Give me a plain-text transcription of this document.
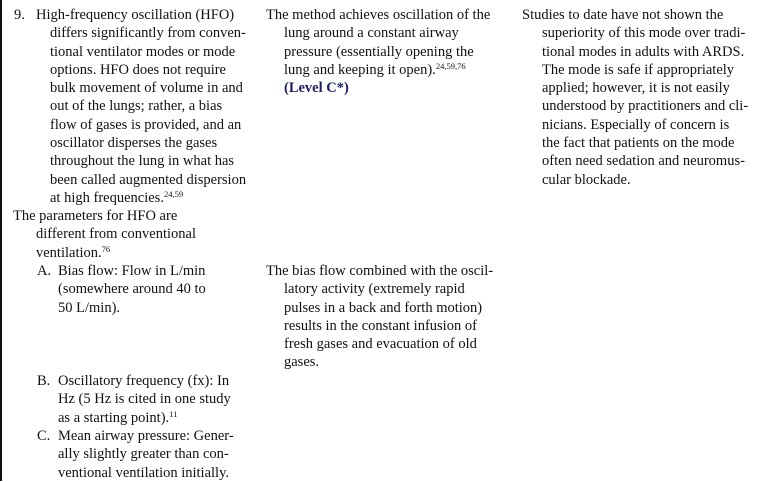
9. High-frequency oscillation (HFO)
differs significantly from conven-
tional ventilator modes or mode
options. HFO does not require
bulk movement of volume in and
out of the lungs; rather, a bias
flow of gases is provided, and an
oscillator disperses the gases
throughout the lung in what has
been called augmented dispersion
at high frequencies.$^{24,59}$
The parameters for HFO are
different from conventional
ventilation.$^{76}$
A. Bias flow: Flow in L/min
(somewhere around 40 to
50 L/min).
B. Oscillatory frequency (fx): In
Hz (5 Hz is cited in one study
as a starting point).$^{11}$
C. Mean airway pressure: Gener-
ally slightly greater than con-
ventional ventilation initially.
The method achieves oscillation of the
lung around a constant airway
pressure (essentially opening the
lung and keeping it open).$^{24,59,76}$
(Level C*)
The bias flow combined with the oscil-
latory activity (extremely rapid
pulses in a back and forth motion)
results in the constant infusion of
fresh gases and evacuation of old
gases.
Studies to date have not shown the
superiority of this mode over tradi-
tional modes in adults with ARDS.
The mode is safe if appropriately
applied; however, it is not easily
understood by practitioners and cli-
nicians. Especially of concern is
the fact that patients on the mode
often need sedation and neuromus-
cular blockade.
